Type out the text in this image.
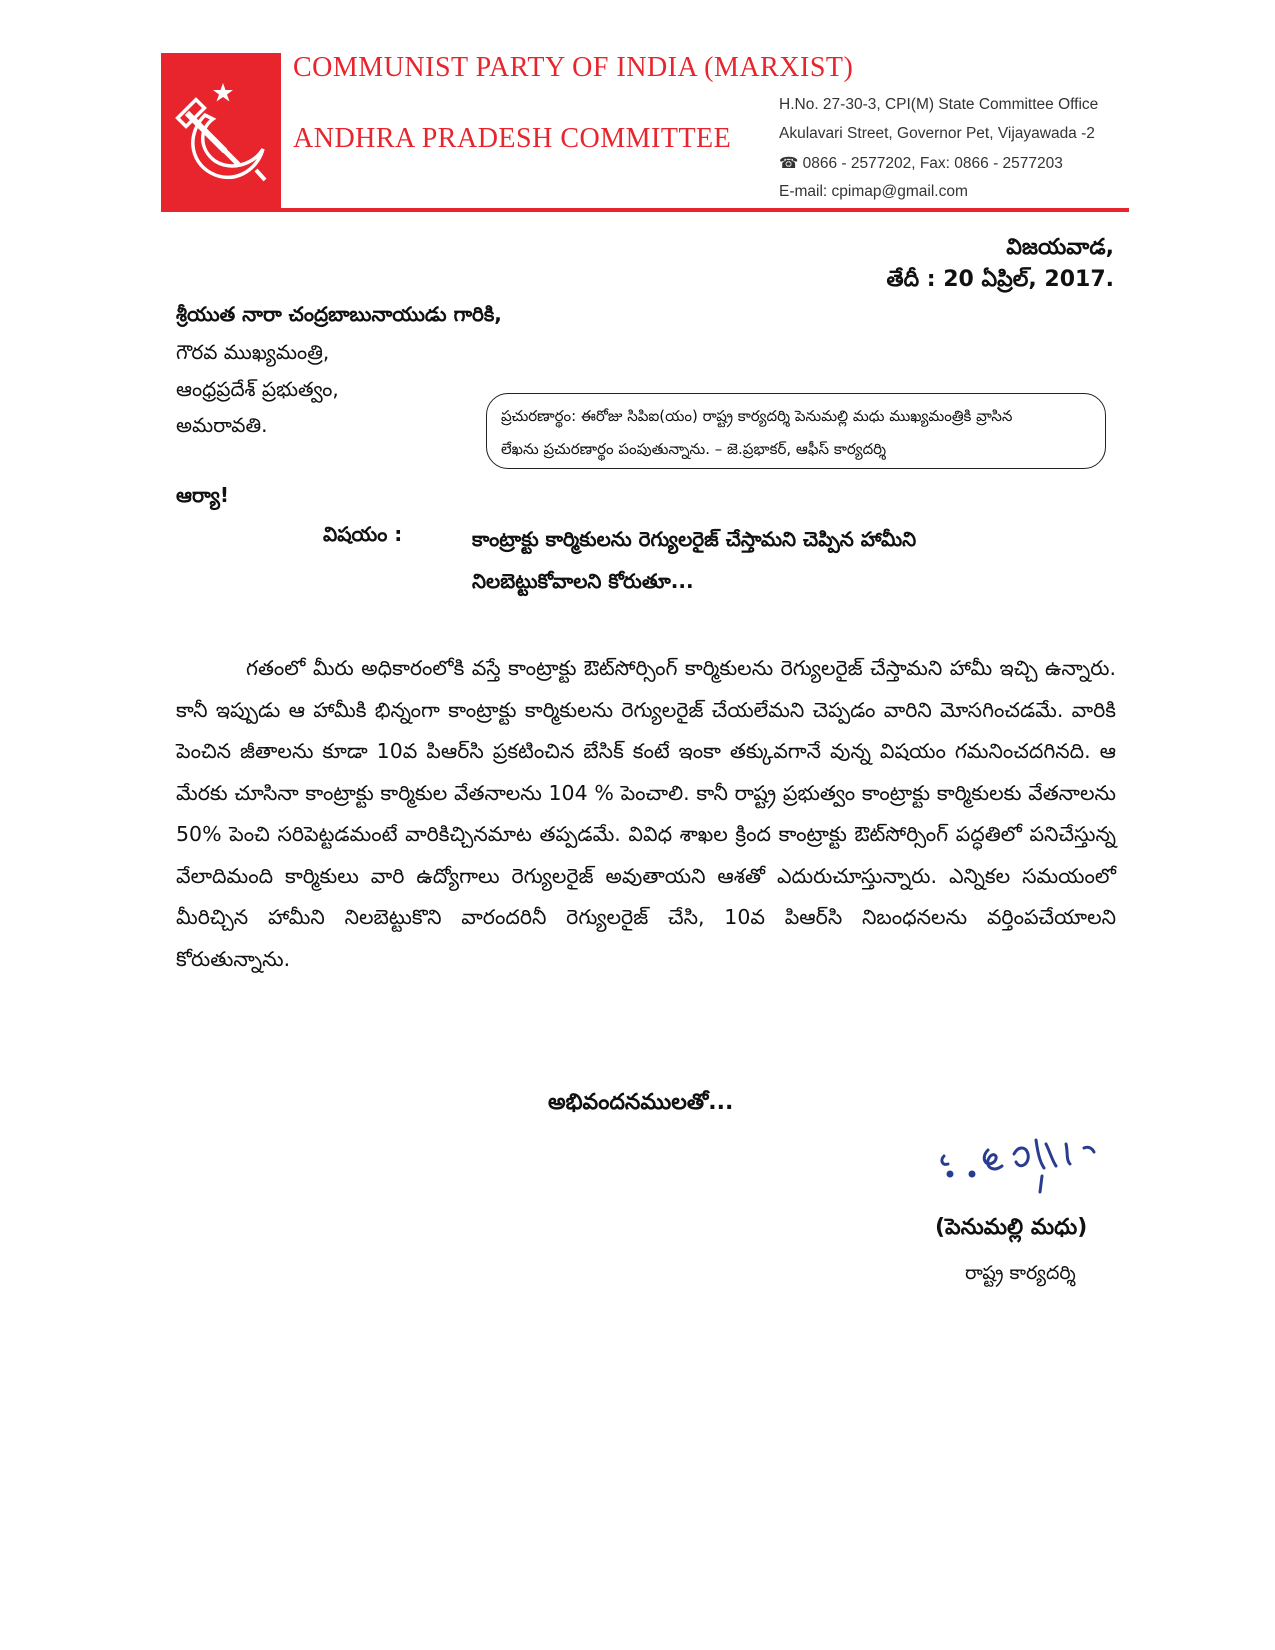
COMMUNIST PARTY OF INDIA (MARXIST)
ANDHRA PRADESH COMMITTEE
H.No. 27-30-3, CPI(M) State Committee Office
Akulavari Street, Governor Pet, Vijayawada -2
☎ 0866 - 2577202, Fax: 0866 - 2577203
E-mail: cpimap@gmail.com
విజయవాడ,
తేదీ : 20 ఏప్రిల్, 2017.
శ్రీయుత నారా చంద్రబాబునాయుడు గారికి,
గౌరవ ముఖ్యమంత్రి,
ఆంధ్రప్రదేశ్ ప్రభుత్వం,
అమరావతి.	ప్రచురణార్థం: ఈరోజు సిపిఐ(యం) రాష్ట్ర కార్యదర్శి పెనుమల్లి మధు ముఖ్యమంత్రికి వ్రాసిన
లేఖను ప్రచురణార్థం పంపుతున్నాను. – జె.ప్రభాకర్, ఆఫీస్ కార్యదర్శి
ఆర్యా!
విషయం :	కాంట్రాక్టు కార్మికులను రెగ్యులరైజ్ చేస్తామని చెప్పిన హామీని నిలబెట్టుకోవాలని కోరుతూ...
గతంలో మీరు అధికారంలోకి వస్తే కాంట్రాక్టు ఔట్‌సోర్సింగ్ కార్మికులను రెగ్యులరైజ్ చేస్తామని హామీ ఇచ్చి ఉన్నారు. కానీ ఇప్పుడు ఆ హామీకి భిన్నంగా కాంట్రాక్టు కార్మికులను రెగ్యులరైజ్ చేయలేమని చెప్పడం వారిని మోసగించడమే. వారికి పెంచిన జీతాలను కూడా 10వ పిఆర్‌సి ప్రకటించిన బేసిక్ కంటే ఇంకా తక్కువగానే వున్న విషయం గమనించదగినది. ఆ మేరకు చూసినా కాంట్రాక్టు కార్మికుల వేతనాలను 104 % పెంచాలి. కానీ రాష్ట్ర ప్రభుత్వం కాంట్రాక్టు కార్మికులకు వేతనాలను 50% పెంచి సరిపెట్టడమంటే వారికిచ్చినమాట తప్పడమే. వివిధ శాఖల క్రింద కాంట్రాక్టు ఔట్‌సోర్సింగ్ పద్ధతిలో పనిచేస్తున్న వేలాదిమంది కార్మికులు వారి ఉద్యోగాలు రెగ్యులరైజ్ అవుతాయని ఆశతో ఎదురుచూస్తున్నారు. ఎన్నికల సమయంలో మీరిచ్చిన హామీని నిలబెట్టుకొని వారందరినీ రెగ్యులరైజ్ చేసి, 10వ పిఆర్‌సి నిబంధనలను వర్తింపచేయాలని కోరుతున్నాను.
అభివందనములతో...
(పెనుమల్లి మధు)
రాష్ట్ర కార్యదర్శి
